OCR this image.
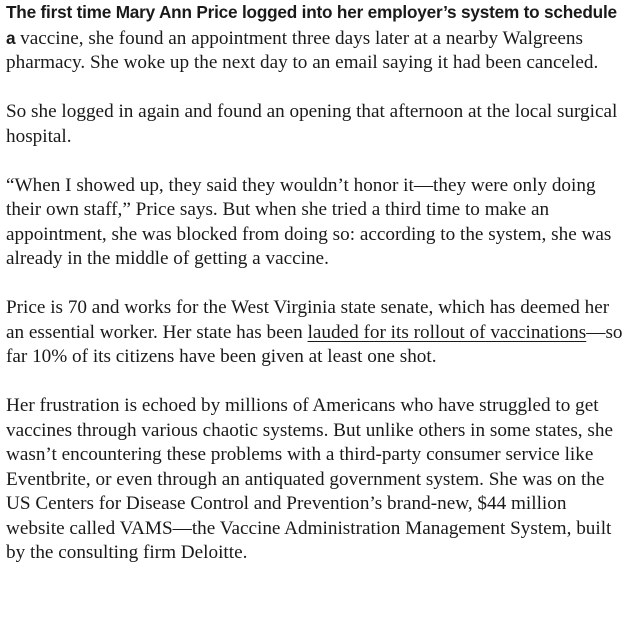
The first time Mary Ann Price logged into her employer’s system to schedule a vaccine, she found an appointment three days later at a nearby Walgreens pharmacy. She woke up the next day to an email saying it had been canceled.

So she logged in again and found an opening that afternoon at the local surgical hospital.

“When I showed up, they said they wouldn’t honor it—they were only doing their own staff,” Price says. But when she tried a third time to make an appointment, she was blocked from doing so: according to the system, she was already in the middle of getting a vaccine.

Price is 70 and works for the West Virginia state senate, which has deemed her an essential worker. Her state has been lauded for its rollout of vaccinations—so far 10% of its citizens have been given at least one shot.

Her frustration is echoed by millions of Americans who have struggled to get vaccines through various chaotic systems. But unlike others in some states, she wasn’t encountering these problems with a third-party consumer service like Eventbrite, or even through an antiquated government system. She was on the US Centers for Disease Control and Prevention’s brand-new, $44 million website called VAMS—the Vaccine Administration Management System, built by the consulting firm Deloitte.
